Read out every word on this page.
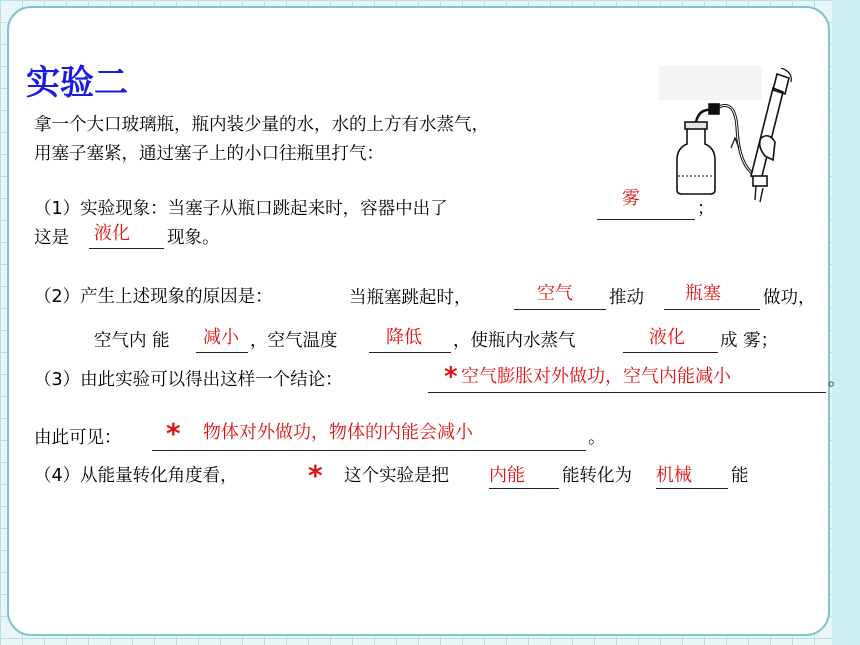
实验二
拿一个大口玻璃瓶，瓶内装少量的水，水的上方有水蒸气，
用塞子塞紧，通过塞子上的小口往瓶里打气：
（1）实验现象：当塞子从瓶口跳起来时，容器中出了	雾	；
这是 液化 现象。
（2）产生上述现象的原因是：	当瓶塞跳起时，	空气 推动 瓶塞 做功，
空气内 能 减小 ，空气温度	降低 ，使瓶内水蒸气	液化 成 雾；
（3）由此实验可以得出这样一个结论：	* 空气膨胀对外做功，空气内能减小	。
由此可见： * 物体对外做功，物体的内能会减小	。
（4）从能量转化角度看，	* 这个实验是把 内能 能转化为 机械 能
